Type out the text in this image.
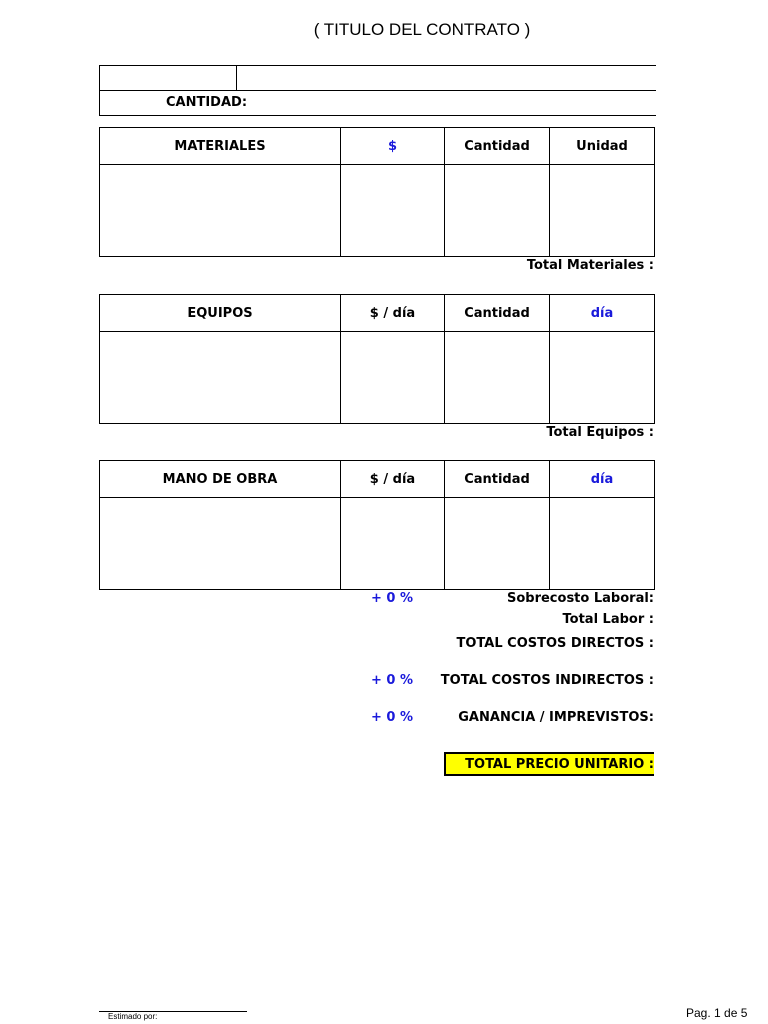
( TITULO DEL CONTRATO )
CANTIDAD:
MATERIALES	$	Cantidad	Unidad

Total Materiales :
EQUIPOS	$ / día	Cantidad	día

Total Equipos :
MANO DE OBRA	$ / día	Cantidad	día

+ 0 %	Sobrecosto Laboral:
Total Labor :
TOTAL COSTOS DIRECTOS :
+ 0 %	TOTAL COSTOS INDIRECTOS :
+ 0 %	GANANCIA / IMPREVISTOS:
TOTAL PRECIO UNITARIO :
Estimado por:	Pag. 1 de 5
